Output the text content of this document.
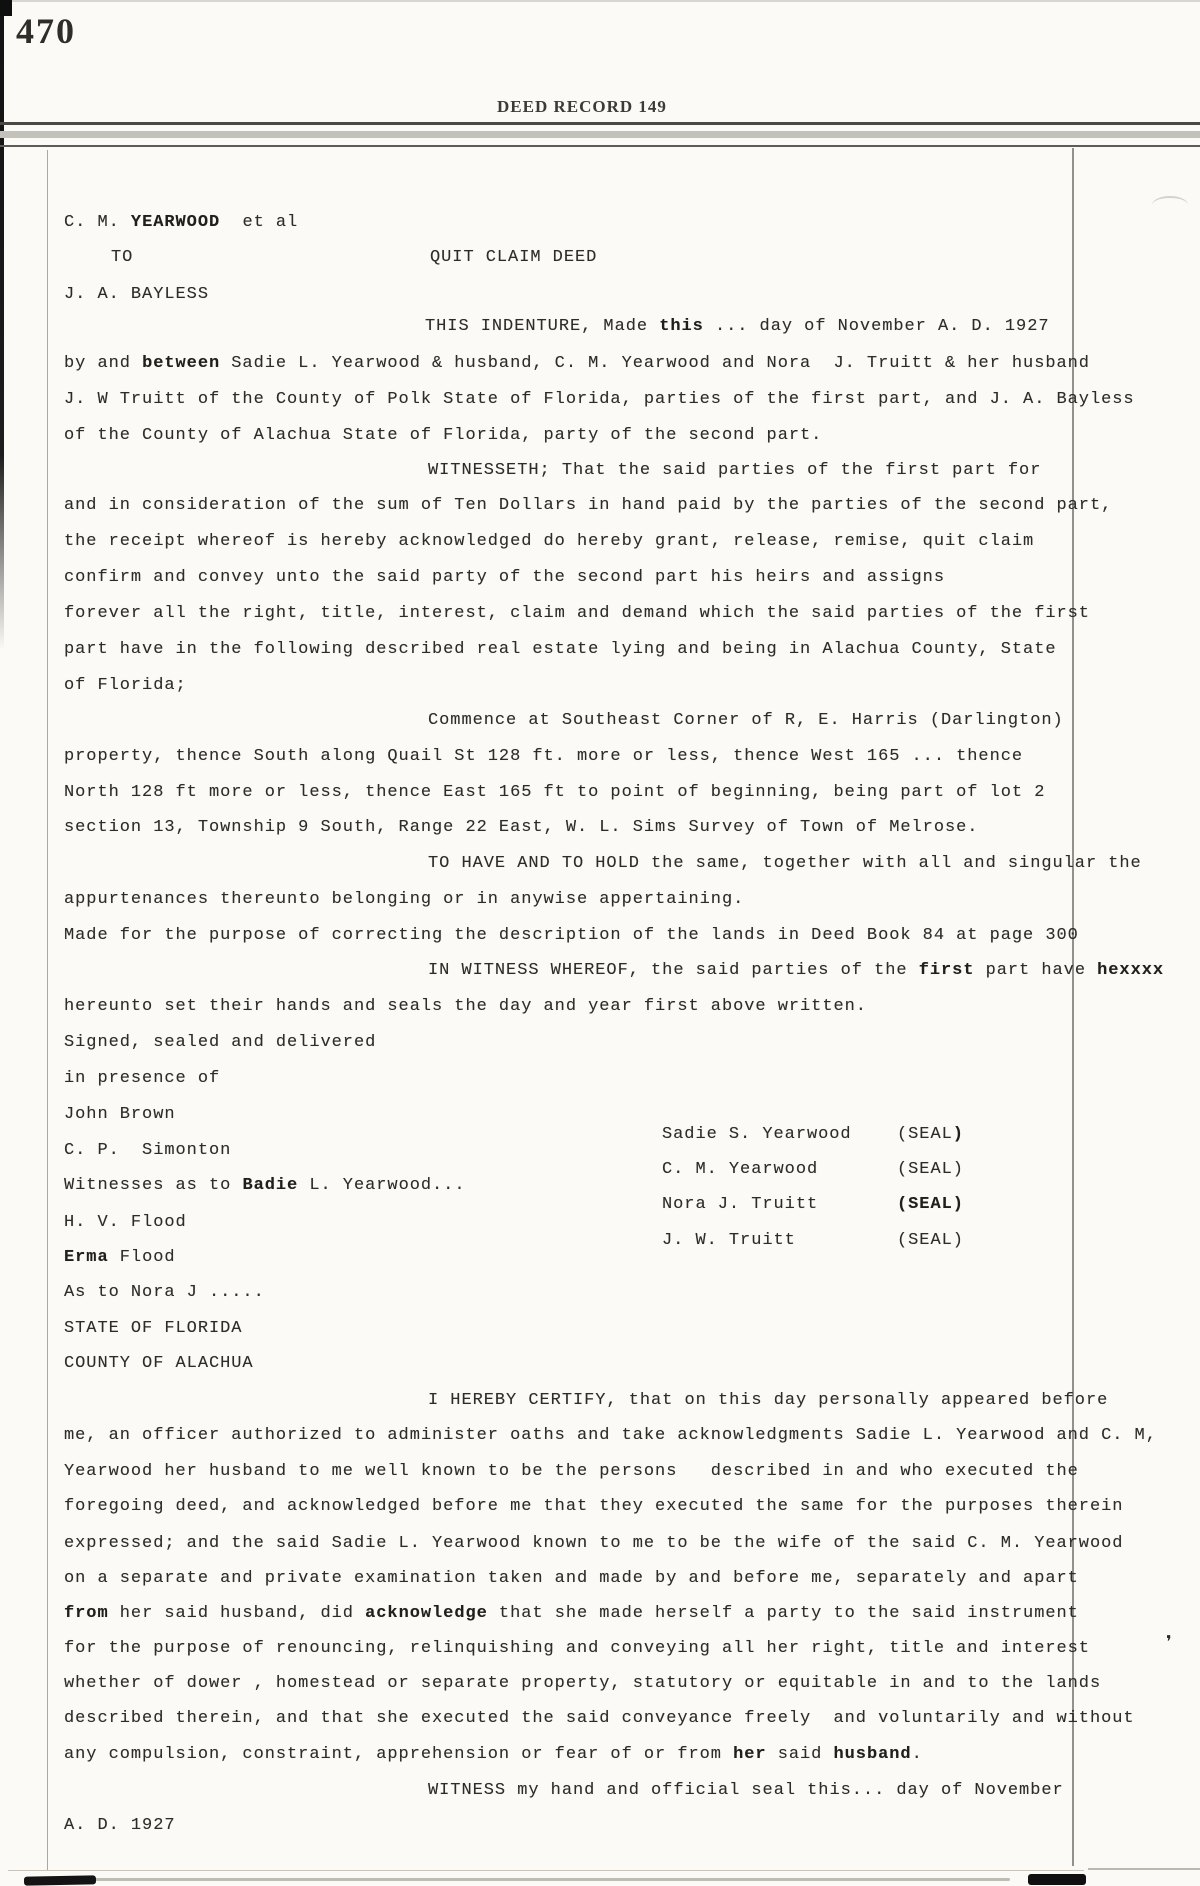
470
DEED RECORD 149
C. M. YEARWOOD  et al
TO	QUIT CLAIM DEED
J. A. BAYLESS
THIS INDENTURE, Made this ... day of November A. D. 1927
by and between Sadie L. Yearwood & husband, C. M. Yearwood and Nora  J. Truitt & her husband
J. W Truitt of the County of Polk State of Florida, parties of the first part, and J. A. Bayless
of the County of Alachua State of Florida, party of the second part.
WITNESSETH; That the said parties of the first part for
and in consideration of the sum of Ten Dollars in hand paid by the parties of the second part,
the receipt whereof is hereby acknowledged do hereby grant, release, remise, quit claim
confirm and convey unto the said party of the second part his heirs and assigns
forever all the right, title, interest, claim and demand which the said parties of the first
part have in the following described real estate lying and being in Alachua County, State
of Florida;
Commence at Southeast Corner of R, E. Harris (Darlington)
property, thence South along Quail St 128 ft. more or less, thence West 165 ... thence
North 128 ft more or less, thence East 165 ft to point of beginning, being part of lot 2
section 13, Township 9 South, Range 22 East, W. L. Sims Survey of Town of Melrose.
TO HAVE AND TO HOLD the same, together with all and singular the
appurtenances thereunto belonging or in anywise appertaining.
Made for the purpose of correcting the description of the lands in Deed Book 84 at page 300
IN WITNESS WHEREOF, the said parties of the first part have hexxxx
hereunto set their hands and seals the day and year first above written.
Signed, sealed and delivered
in presence of
John Brown
C. P.  Simonton
Witnesses as to Badie L. Yearwood...
H. V. Flood
Erma Flood
As to Nora J .....
STATE OF FLORIDA
COUNTY OF ALACHUA
I HEREBY CERTIFY, that on this day personally appeared before
me, an officer authorized to administer oaths and take acknowledgments Sadie L. Yearwood and C. M,
Yearwood her husband to me well known to be the persons   described in and who executed the
foregoing deed, and acknowledged before me that they executed the same for the purposes therein
expressed; and the said Sadie L. Yearwood known to me to be the wife of the said C. M. Yearwood
on a separate and private examination taken and made by and before me, separately and apart
from her said husband, did acknowledge that she made herself a party to the said instrument
for the purpose of renouncing, relinquishing and conveying all her right, title and interest
whether of dower , homestead or separate property, statutory or equitable in and to the lands
described therein, and that she executed the said conveyance freely  and voluntarily and without
any compulsion, constraint, apprehension or fear of or from her said husband.
WITNESS my hand and official seal this... day of November
A. D. 1927
Sadie S. Yearwood	(SEAL)
C. M. Yearwood	(SEAL)
Nora J. Truitt	(SEAL)
J. W. Truitt	(SEAL)
❜
